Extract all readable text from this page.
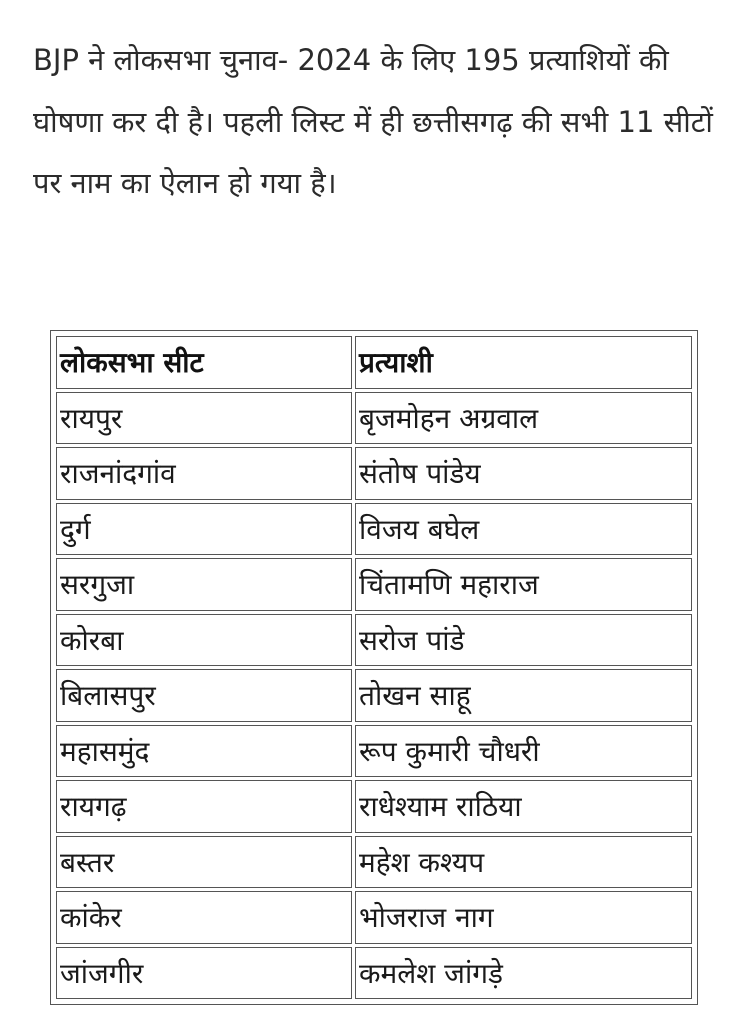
BJP ने लोकसभा चुनाव- 2024 के लिए 195 प्रत्याशियों की घोषणा कर दी है। पहली लिस्ट में ही छत्तीसगढ़ की सभी 11 सीटों पर नाम का ऐलान हो गया है।

लोकसभा सीट	प्रत्याशी
रायपुर	बृजमोहन अग्रवाल
राजनांदगांव	संतोष पांडेय
दुर्ग	विजय बघेल
सरगुजा	चिंतामणि महाराज
कोरबा	सरोज पांडे
बिलासपुर	तोखन साहू
महासमुंद	रूप कुमारी चौधरी
रायगढ़	राधेश्याम राठिया
बस्तर	महेश कश्यप
कांकेर	भोजराज नाग
जांजगीर	कमलेश जांगड़े
